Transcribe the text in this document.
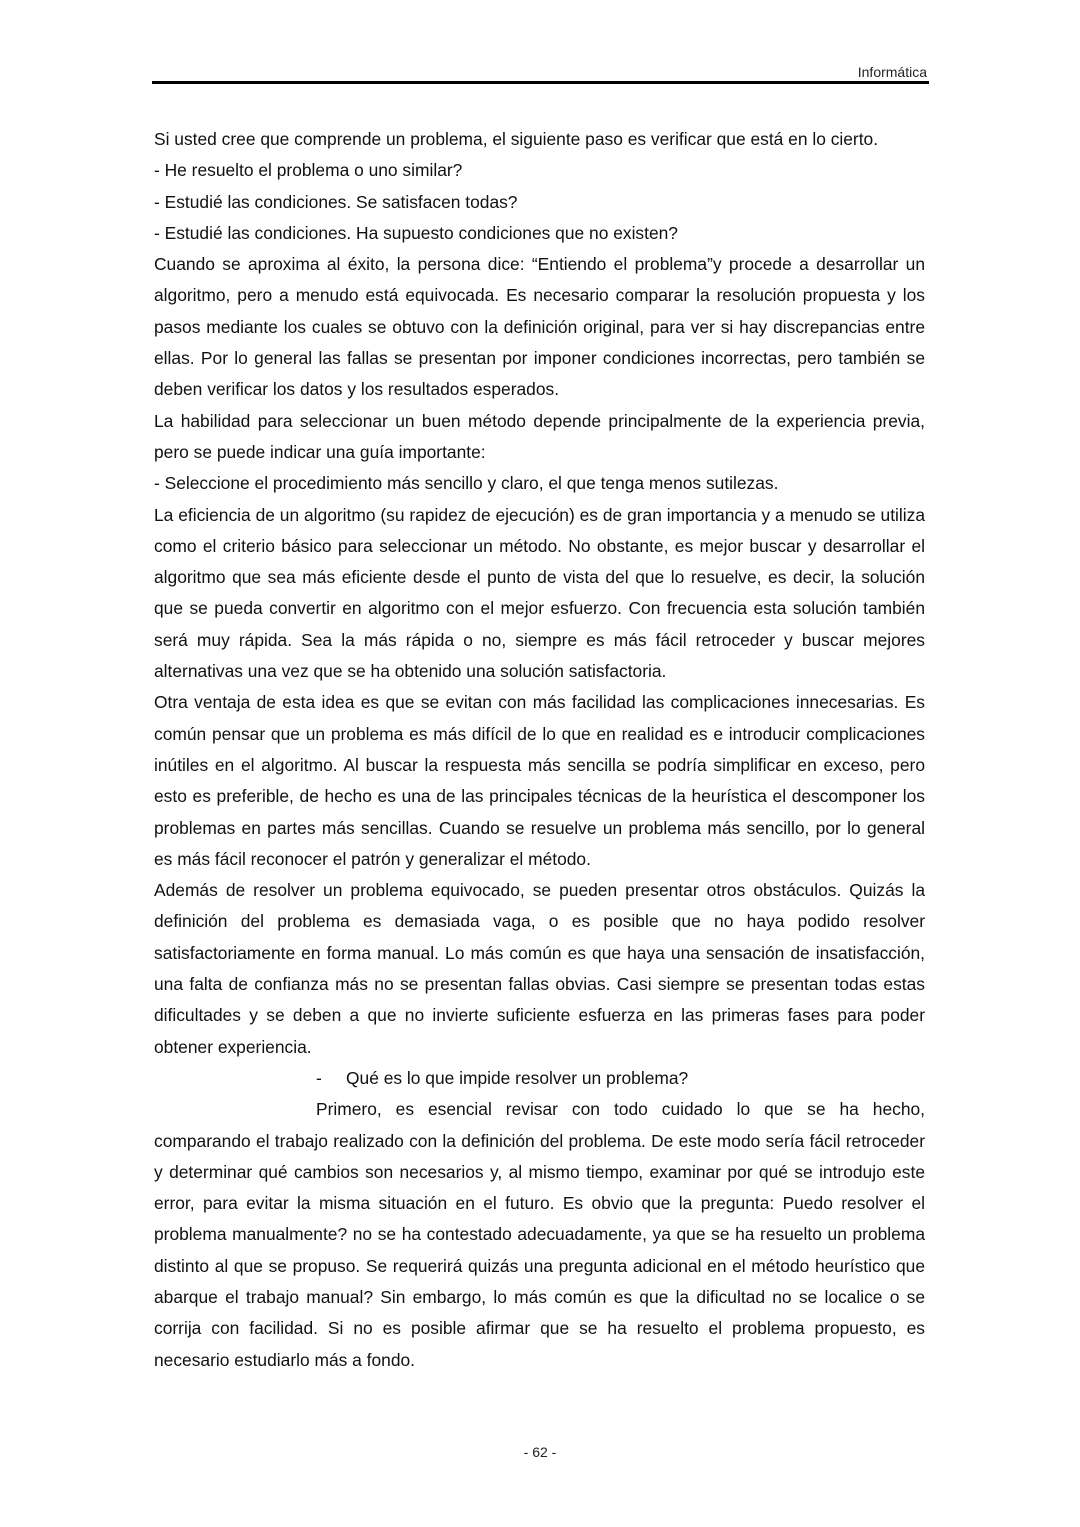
Informática

Si usted cree que comprende un problema, el siguiente paso es verificar que está en lo cierto.

- He resuelto el problema o uno similar?

- Estudié las condiciones. Se satisfacen todas?

- Estudié las condiciones. Ha supuesto condiciones que no existen?

Cuando se aproxima al éxito, la persona dice: “Entiendo el problema”y procede a desarrollar un algoritmo, pero a menudo está equivocada. Es necesario comparar la resolución propuesta y los pasos mediante los cuales se obtuvo con la definición original, para ver si hay discrepancias entre ellas. Por lo general las fallas se presentan por imponer condiciones incorrectas, pero también se deben verificar los datos y los resultados esperados.

La habilidad para seleccionar un buen método depende principalmente de la experiencia previa, pero se puede indicar una guía importante:

- Seleccione el procedimiento más sencillo y claro, el que tenga menos sutilezas.

La eficiencia de un algoritmo (su rapidez de ejecución) es de gran importancia y a menudo se utiliza como el criterio básico para seleccionar un método. No obstante, es mejor buscar y desarrollar el algoritmo que sea más eficiente desde el punto de vista del que lo resuelve, es decir, la solución que se pueda convertir en algoritmo con el mejor esfuerzo. Con frecuencia esta solución también será muy rápida. Sea la más rápida o no, siempre es más fácil retroceder y buscar mejores alternativas una vez que se ha obtenido una solución satisfactoria.

Otra ventaja de esta idea es que se evitan con más facilidad las complicaciones innecesarias. Es común pensar que un problema es más difícil de lo que en realidad es e introducir complicaciones inútiles en el algoritmo. Al buscar la respuesta más sencilla se podría simplificar en exceso, pero esto es preferible, de hecho es una de las principales técnicas de la heurística el descomponer los problemas en partes más sencillas. Cuando se resuelve un problema más sencillo, por lo general es más fácil reconocer el patrón y generalizar el método.

Además de resolver un problema equivocado, se pueden presentar otros obstáculos. Quizás la definición del problema es demasiada vaga, o es posible que no haya podido resolver satisfactoriamente en forma manual. Lo más común es que haya una sensación de insatisfacción, una falta de confianza más no se presentan fallas obvias. Casi siempre se presentan todas estas dificultades y se deben a que no invierte suficiente esfuerza en las primeras fases para poder obtener experiencia.

- Qué es lo que impide resolver un problema?

Primero, es esencial revisar con todo cuidado lo que se ha hecho, comparando el trabajo realizado con la definición del problema. De este modo sería fácil retroceder y determinar qué cambios son necesarios y, al mismo tiempo, examinar por qué se introdujo este error, para evitar la misma situación en el futuro. Es obvio que la pregunta: Puedo resolver el problema manualmente? no se ha contestado adecuadamente, ya que se ha resuelto un problema distinto al que se propuso. Se requerirá quizás una pregunta adicional en el método heurístico que abarque el trabajo manual? Sin embargo, lo más común es que la dificultad no se localice o se corrija con facilidad. Si no es posible afirmar que se ha resuelto el problema propuesto, es necesario estudiarlo más a fondo.

- 62 -
